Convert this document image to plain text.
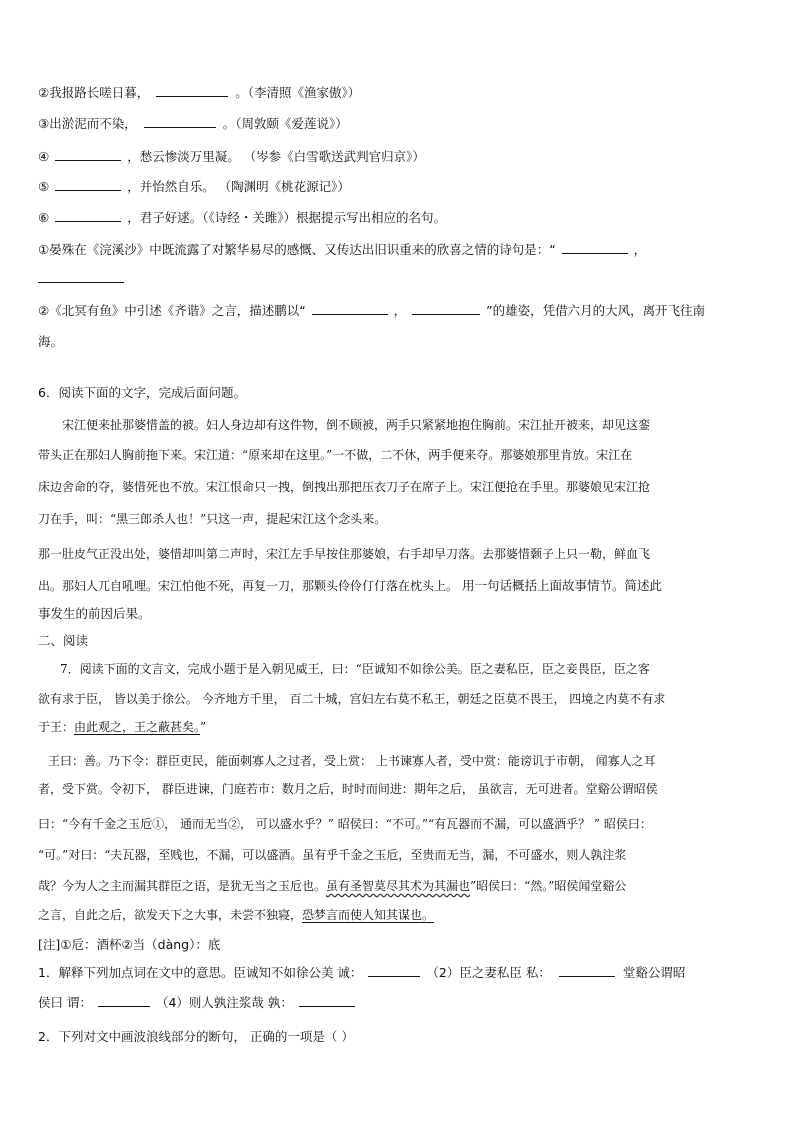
②我报路长嗟日暮，	。（李清照《渔家傲》）
③出淤泥而不染，	。（周敦颐《爱莲说》）
④	，愁云惨淡万里凝。 （岑参《白雪歌送武判官归京》）
⑤	，并怡然自乐。 （陶渊明《桃花源记》）
⑥	，君子好逑。（《诗经・关雎》）根据提示写出相应的名句。
①晏殊在《浣溪沙》中既流露了对繁华易尽的感慨、又传达出旧识重来的欣喜之情的诗句是：“	，
②《北冥有鱼》中引述《齐谐》之言，描述鹏以“	，	”的雄姿，凭借六月的大风，离开飞往南
海。
6．阅读下面的文字，完成后面问题。
宋江便来扯那婆惜盖的被。妇人身边却有这件物，倒不顾被，两手只紧紧地抱住胸前。宋江扯开被来，却见这銮
带头正在那妇人胸前拖下来。宋江道：“原来却在这里。”一不做，二不休，两手便来夺。那婆娘那里肯放。宋江在
床边舍命的夺，婆惜死也不放。宋江恨命只一拽，倒拽出那把压衣刀子在席子上。宋江便抢在手里。那婆娘见宋江抢
刀在手，叫：“黑三郎杀人也！”只这一声，提起宋江这个念头来。
那一肚皮气正没出处，婆惜却叫第二声时，宋江左手早按住那婆娘，右手却早刀落。去那婆惜颡子上只一勒，鲜血飞
出。那妇人兀自吼哩。宋江怕他不死，再复一刀，那颗头伶伶仃仃落在枕头上。 用一句话概括上面故事情节。简述此
事发生的前因后果。
二、阅读
7．阅读下面的文言文，完成小题于是入朝见威王，曰：“臣诚知不如徐公美。臣之妻私臣，臣之妾畏臣，臣之客
欲有求于臣， 皆以美于徐公。 今齐地方千里， 百二十城，宫妇左右莫不私王，朝廷之臣莫不畏王， 四境之内莫不有求
于王：由此观之，王之蔽甚矣。”
王曰：善。乃下令：群臣吏民，能面刺寡人之过者，受上赏： 上书谏寡人者，受中赏：能谤讥于市朝， 闻寡人之耳
者，受下赏。令初下， 群臣进谏，门庭若市：数月之后，时时而间进：期年之后， 虽欲言，无可进者。堂谿公谓昭侯
曰：“今有千金之玉卮①， 通而无当②， 可以盛水乎？” 昭侯曰：“不可。”“有瓦器而不漏，可以盛酒乎？ ” 昭侯曰：
“可。”对曰：“夫瓦器，至贱也，不漏，可以盛酒。虽有乎千金之玉卮，至贵而无当，漏，不可盛水，则人孰注浆
哉？今为人之主而漏其群臣之语，是犹无当之玉卮也。虽有圣智莫尽其术为其漏也”昭侯曰：“然。”昭侯闻堂谿公
之言，自此之后，欲发天下之大事，未尝不独寝，恐梦言而使人知其谋也。
[注]①卮：酒杯②当（dàng）：底
1．解释下列加点词在文中的意思。臣诚知不如徐公美 诚：	（2）臣之妻私臣 私：	堂谿公谓昭
侯曰 谓：	（4）则人孰注浆哉 孰：
2．下列对文中画波浪线部分的断句， 正确的一项是（ ）
